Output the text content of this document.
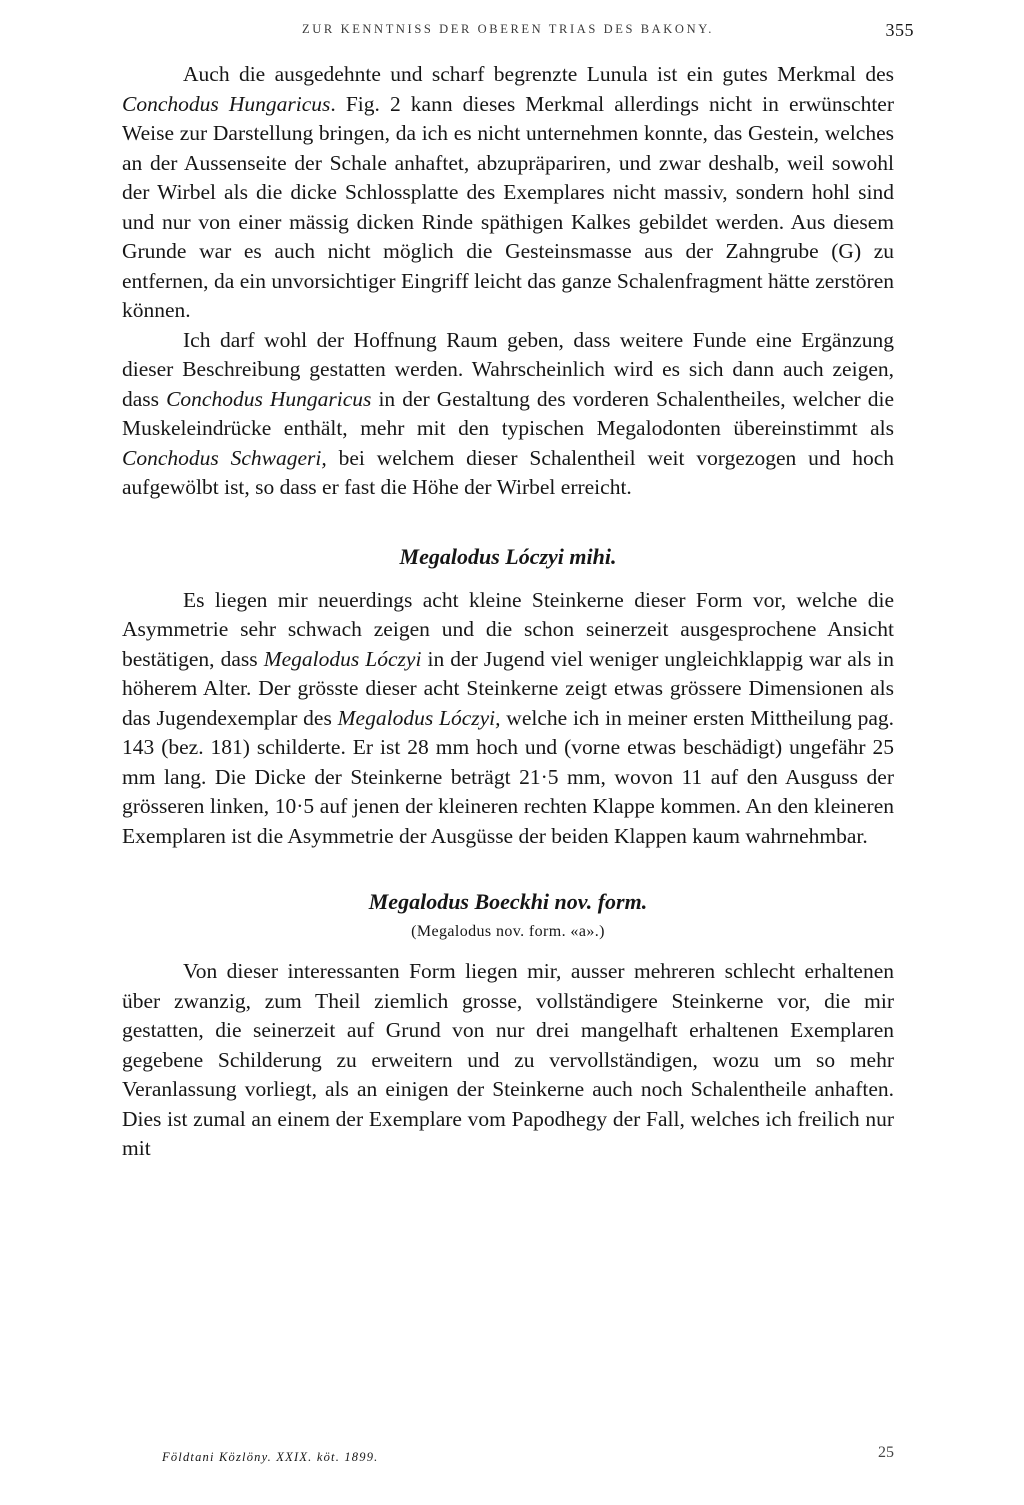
ZUR KENNTNISS DER OBEREN TRIAS DES BAKONY.	355

Auch die ausgedehnte und scharf begrenzte Lunula ist ein gutes Merkmal des Conchodus Hungaricus. Fig. 2 kann dieses Merkmal allerdings nicht in erwünschter Weise zur Darstellung bringen, da ich es nicht unternehmen konnte, das Gestein, welches an der Aussenseite der Schale anhaftet, abzupräpariren, und zwar deshalb, weil sowohl der Wirbel als die dicke Schlossplatte des Exemplares nicht massiv, sondern hohl sind und nur von einer mässig dicken Rinde späthigen Kalkes gebildet werden. Aus diesem Grunde war es auch nicht möglich die Gesteinsmasse aus der Zahngrube (G) zu entfernen, da ein unvorsichtiger Eingriff leicht das ganze Schalenfragment hätte zerstören können.

Ich darf wohl der Hoffnung Raum geben, dass weitere Funde eine Ergänzung dieser Beschreibung gestatten werden. Wahrscheinlich wird es sich dann auch zeigen, dass Conchodus Hungaricus in der Gestaltung des vorderen Schalentheiles, welcher die Muskeleindrücke enthält, mehr mit den typischen Megalodonten übereinstimmt als Conchodus Schwageri, bei welchem dieser Schalentheil weit vorgezogen und hoch aufgewölbt ist, so dass er fast die Höhe der Wirbel erreicht.

Megalodus Lóczyi mihi.

Es liegen mir neuerdings acht kleine Steinkerne dieser Form vor, welche die Asymmetrie sehr schwach zeigen und die schon seinerzeit ausgesprochene Ansicht bestätigen, dass Megalodus Lóczyi in der Jugend viel weniger ungleichklappig war als in höherem Alter. Der grösste dieser acht Steinkerne zeigt etwas grössere Dimensionen als das Jugendexemplar des Megalodus Lóczyi, welche ich in meiner ersten Mittheilung pag. 143 (bez. 181) schilderte. Er ist 28 mm hoch und (vorne etwas beschädigt) ungefähr 25 mm lang. Die Dicke der Steinkerne beträgt 21·5 mm, wovon 11 auf den Ausguss der grösseren linken, 10·5 auf jenen der kleineren rechten Klappe kommen. An den kleineren Exemplaren ist die Asymmetrie der Ausgüsse der beiden Klappen kaum wahrnehmbar.

Megalodus Boeckhi nov. form.
(Megalodus nov. form. «a».)

Von dieser interessanten Form liegen mir, ausser mehreren schlecht erhaltenen über zwanzig, zum Theil ziemlich grosse, vollständigere Steinkerne vor, die mir gestatten, die seinerzeit auf Grund von nur drei mangelhaft erhaltenen Exemplaren gegebene Schilderung zu erweitern und zu vervollständigen, wozu um so mehr Veranlassung vorliegt, als an einigen der Steinkerne auch noch Schalentheile anhaften. Dies ist zumal an einem der Exemplare vom Papodhegy der Fall, welches ich freilich nur mit

Földtani Közlöny. XXIX. köt. 1899.	25
